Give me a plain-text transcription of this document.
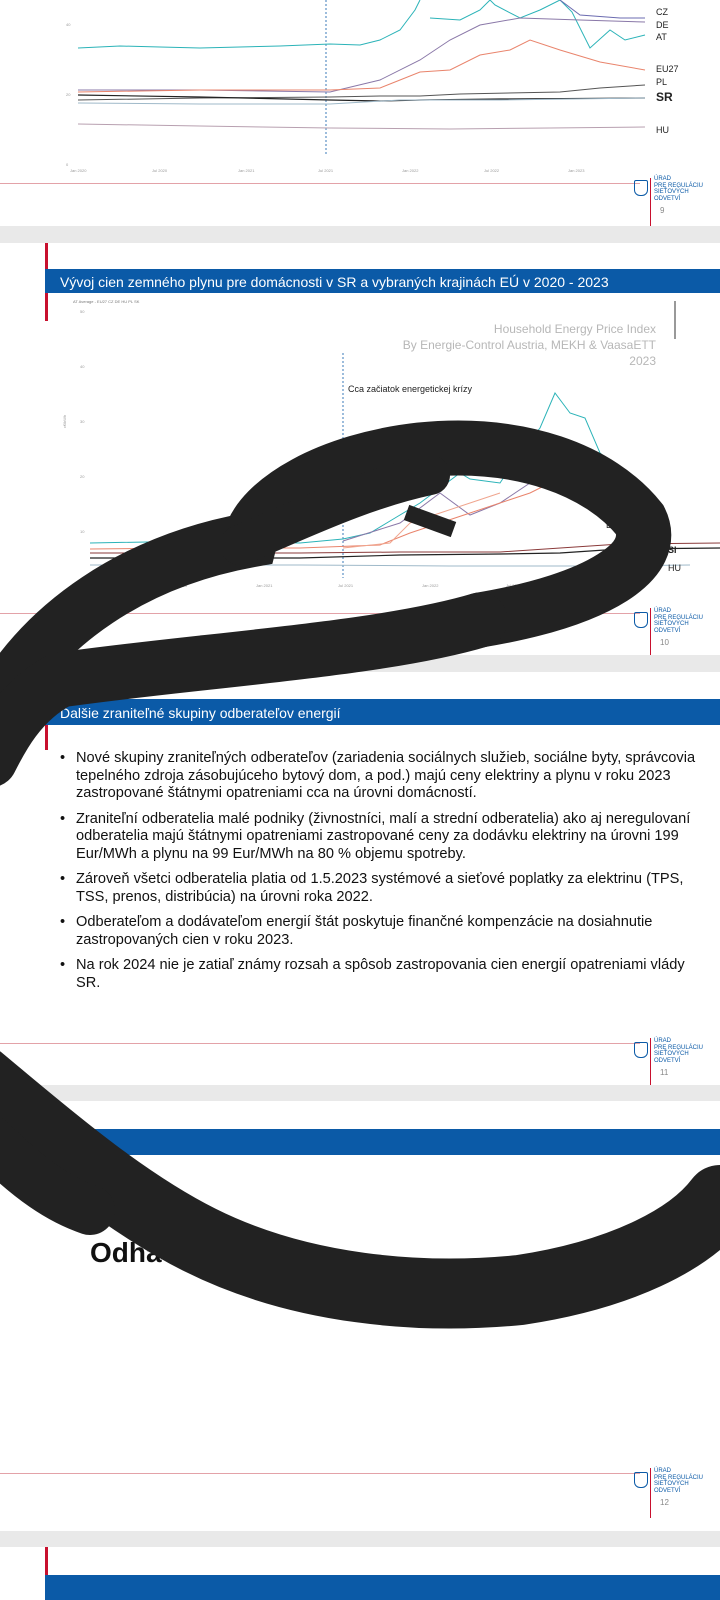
40
20
0
Jan 2020	Jul 2020	Jan 2021	Jul 2021	Jan 2022	Jul 2022	Jan 2023
CZ
DE
AT
EU27
PL
SR
HU
ÚRAD
PRE REGULÁCIU
SIEŤOVÝCH
ODVETVÍ
9
Vývoj cien zemného plynu pre domácnosti v SR a vybraných krajinách EÚ v 2020 - 2023
AT Average - EU27 CZ DE HU PL SK
Household Energy Price Index
By Energie-Control Austria, MEKH & VaasaETT
2023
50
40
30
20
10
c€/kWh
Cca začiatok energetickej krízy
EU27
SI
HU
Jul 2020	Jan 2021	Jul 2021	Jan 2022	Jul 2022	Jan 2023
ÚRAD
PRE REGULÁCIU
SIEŤOVÝCH
ODVETVÍ
10
Ďalšie zraniteľné skupiny odberateľov energií
• Nové skupiny zraniteľných odberateľov (zariadenia sociálnych služieb, sociálne byty, správcovia tepelného zdroja zásobujúceho bytový dom, a pod.) majú ceny elektriny a plynu v roku 2023 zastropované štátnymi opatreniami cca na úrovni domácností.
• Zraniteľní odberatelia malé podniky (živnostníci, malí a strední odberatelia) ako aj neregulovaní odberatelia majú štátnymi opatreniami zastropované ceny za dodávku elektriny na úrovni 199 Eur/MWh a plynu na 99 Eur/MWh na 80 % objemu spotreby.
• Zároveň všetci odberatelia platia od 1.5.2023 systémové a sieťové poplatky za elektrinu (TPS, TSS, prenos, distribúcia) na úrovni roka 2022.
• Odberateľom a dodávateľom energií štát poskytuje finančné kompenzácie na dosiahnutie zastropovaných cien v roku 2023.
• Na rok 2024 nie je zatiaľ známy rozsah a spôsob zastropovania cien energií opatreniami vlády SR.
ÚRAD
PRE REGULÁCIU
SIEŤOVÝCH
ODVETVÍ
11
Odha	plynu
na rok 2024
ÚRAD
PRE REGULÁCIU
SIEŤOVÝCH
ODVETVÍ
12
